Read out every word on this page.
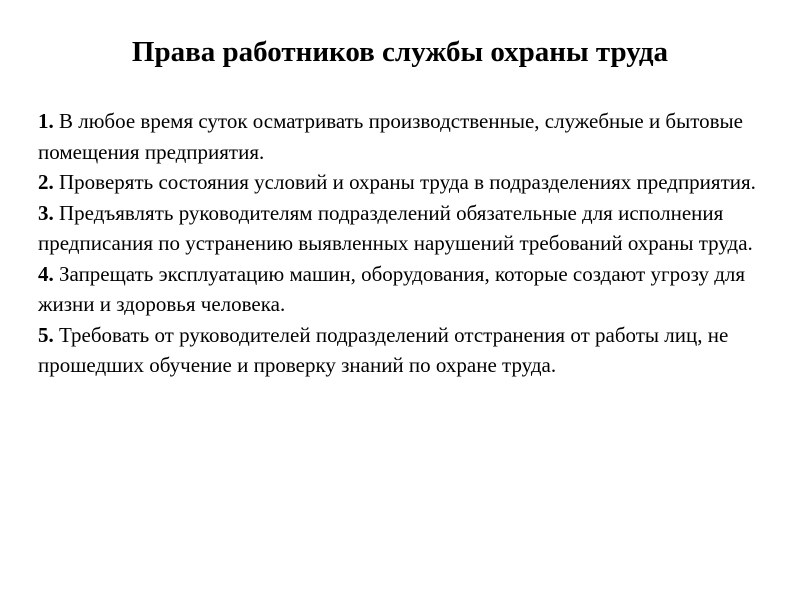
Права работников службы охраны труда

1. В любое время суток осматривать производственные, служебные и бытовые помещения предприятия.

2. Проверять состояния условий и охраны труда в подразделениях предприятия.

3. Предъявлять руководителям подразделений обязательные для исполнения предписания по устранению выявленных нарушений требований охраны труда.

4. Запрещать эксплуатацию машин, оборудования, которые создают угрозу для жизни и здоровья человека.

5. Требовать от руководителей подразделений отстранения от работы лиц, не прошедших обучение и проверку знаний по охране труда.
